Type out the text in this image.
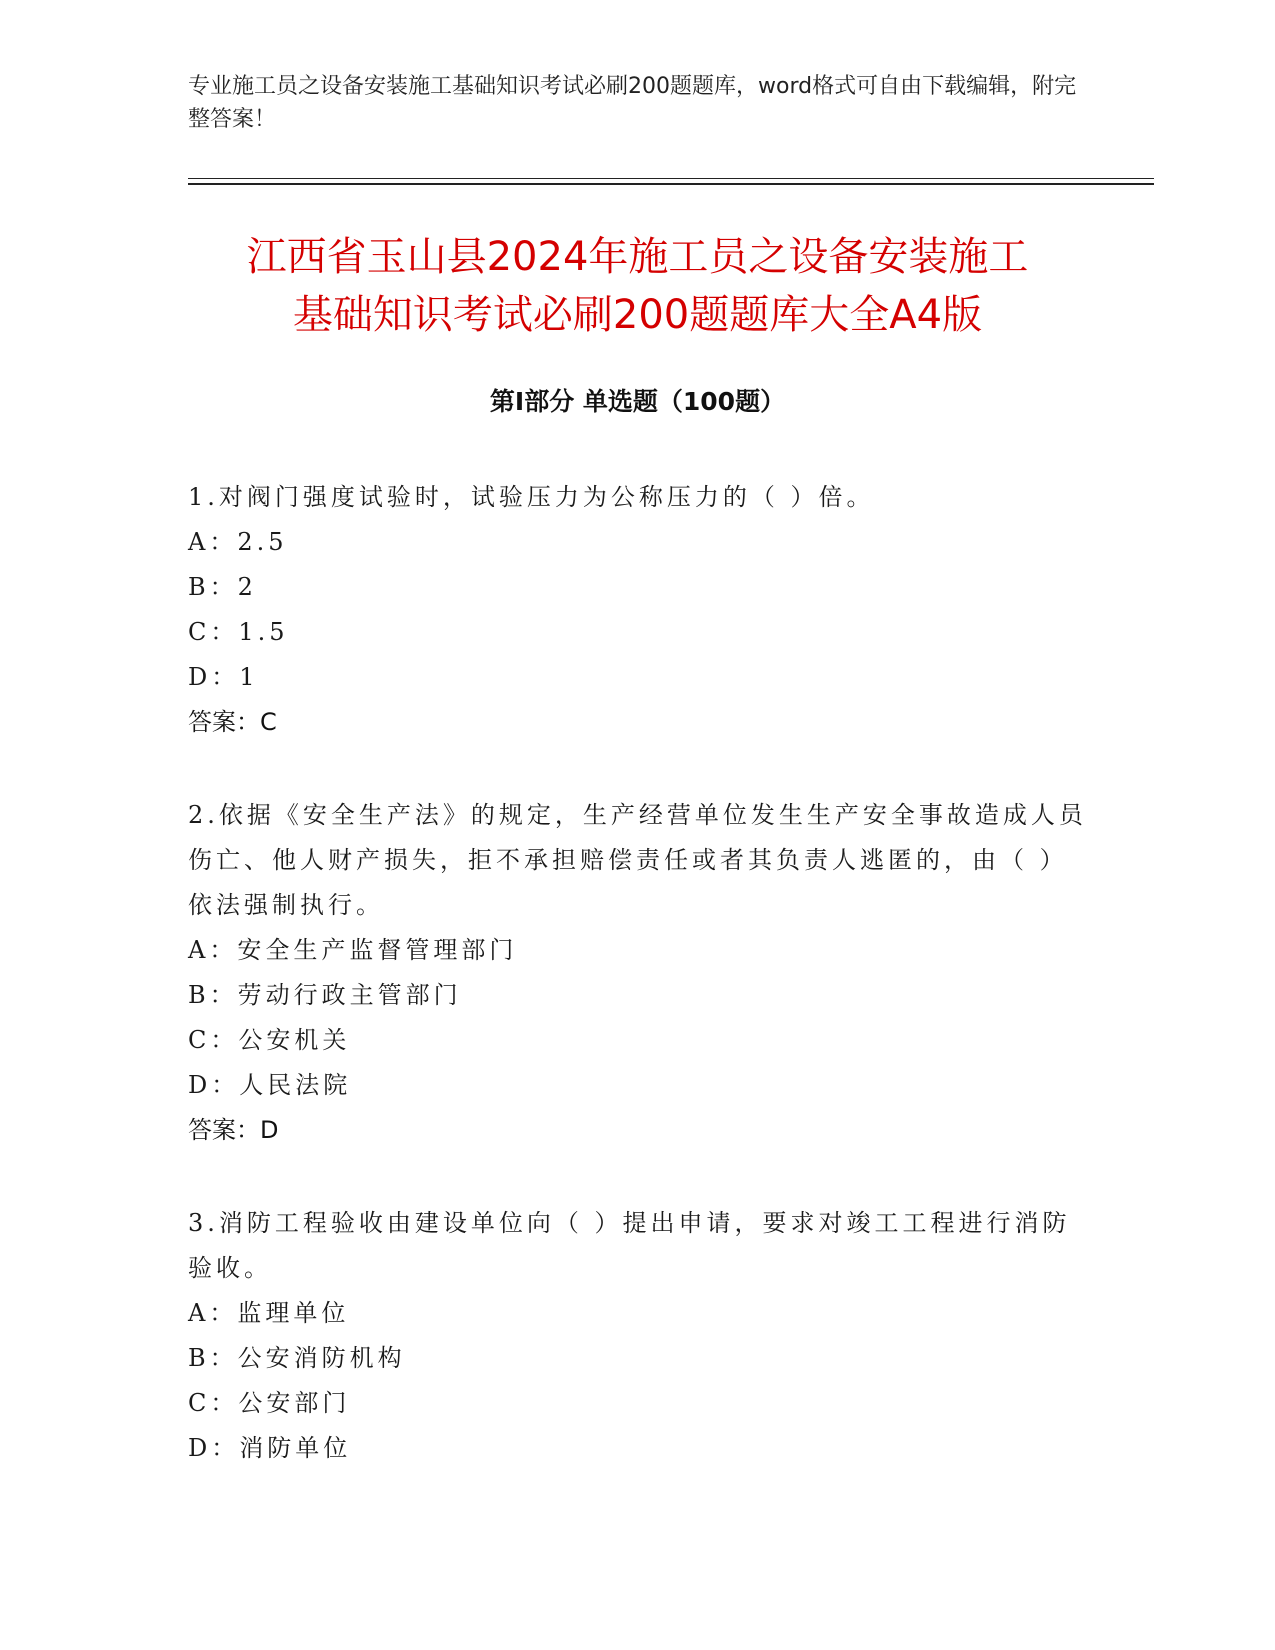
专业施工员之设备安装施工基础知识考试必刷200题题库，word格式可自由下载编辑，附完整答案！
江西省玉山县2024年施工员之设备安装施工
基础知识考试必刷200题题库大全A4版
第I部分 单选题（100题）

1.对阀门强度试验时，试验压力为公称压力的（ ）倍。

A：2.5

B：2

C：1.5

D：1

答案：C

2.依据《安全生产法》的规定，生产经营单位发生生产安全事故造成人员伤亡、他人财产损失，拒不承担赔偿责任或者其负责人逃匿的，由（ ）依法强制执行。

A：安全生产监督管理部门

B：劳动行政主管部门

C：公安机关

D：人民法院

答案：D

3.消防工程验收由建设单位向（ ）提出申请，要求对竣工工程进行消防验收。

A：监理单位

B：公安消防机构

C：公安部门

D：消防单位
